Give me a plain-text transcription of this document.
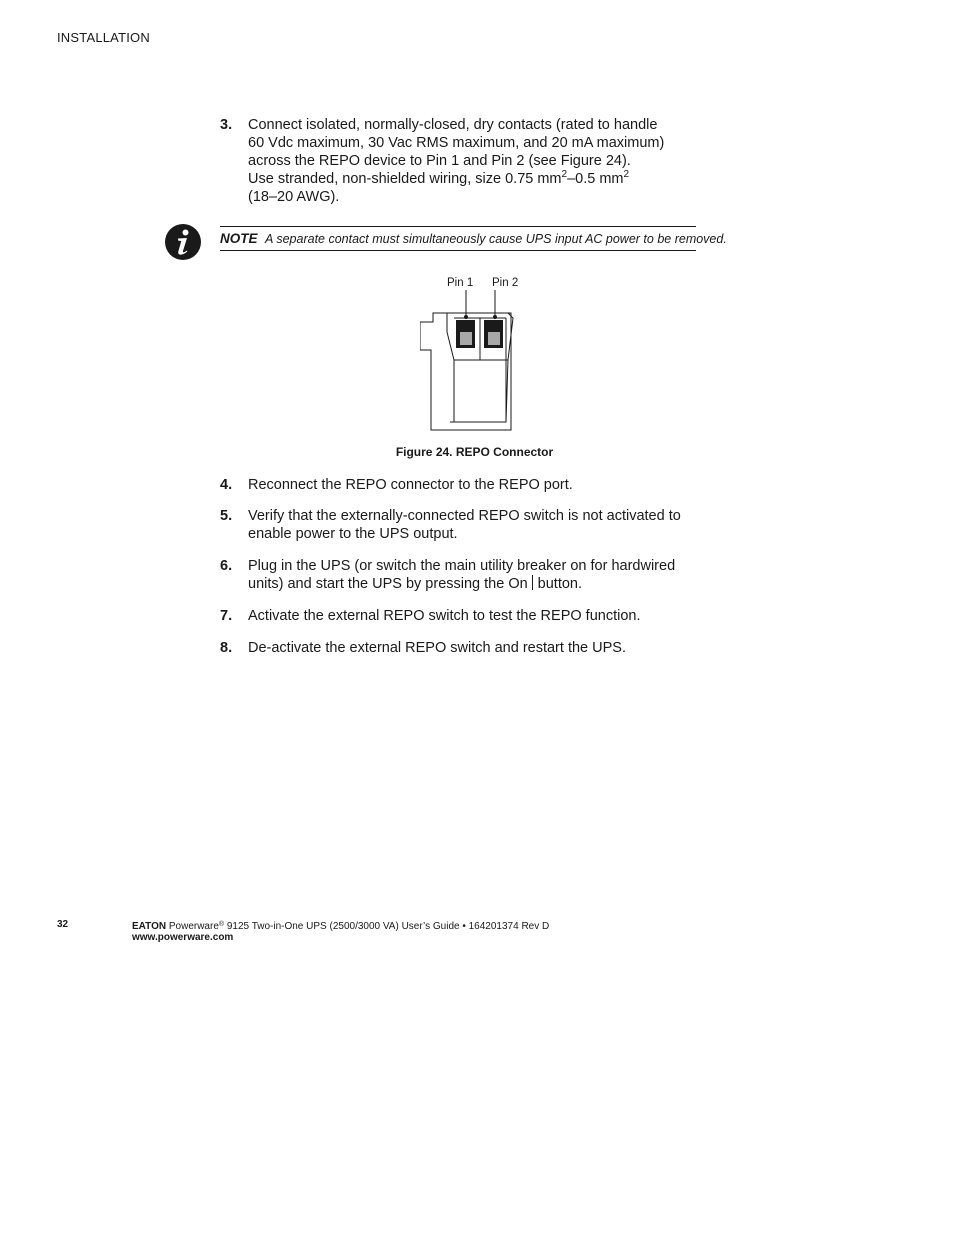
INSTALLATION
3. Connect isolated, normally-closed, dry contacts (rated to handle
60 Vdc maximum, 30 Vac RMS maximum, and 20 mA maximum)
across the REPO device to Pin 1 and Pin 2 (see Figure 24).
Use stranded, non-shielded wiring, size 0.75 $mm^2-0.5$ $mm^2$
(18–20 AWG).
NOTE A separate contact must simultaneously cause UPS input AC power to be removed.
Pin 1 Pin 2
Figure 24. REPO Connector
4. Reconnect the REPO connector to the REPO port.
5. Verify that the externally-connected REPO switch is not activated to enable power to the UPS output.
6. Plug in the UPS (or switch the main utility breaker on for hardwired units) and start the UPS by pressing the On button.
7. Activate the external REPO switch to test the REPO function.
8. De-activate the external REPO switch and restart the UPS.
32	EATON Powerware® 9125 Two-in-One UPS (2500/3000 VA) User’s Guide • 164201374 Rev D
www.powerware.com
